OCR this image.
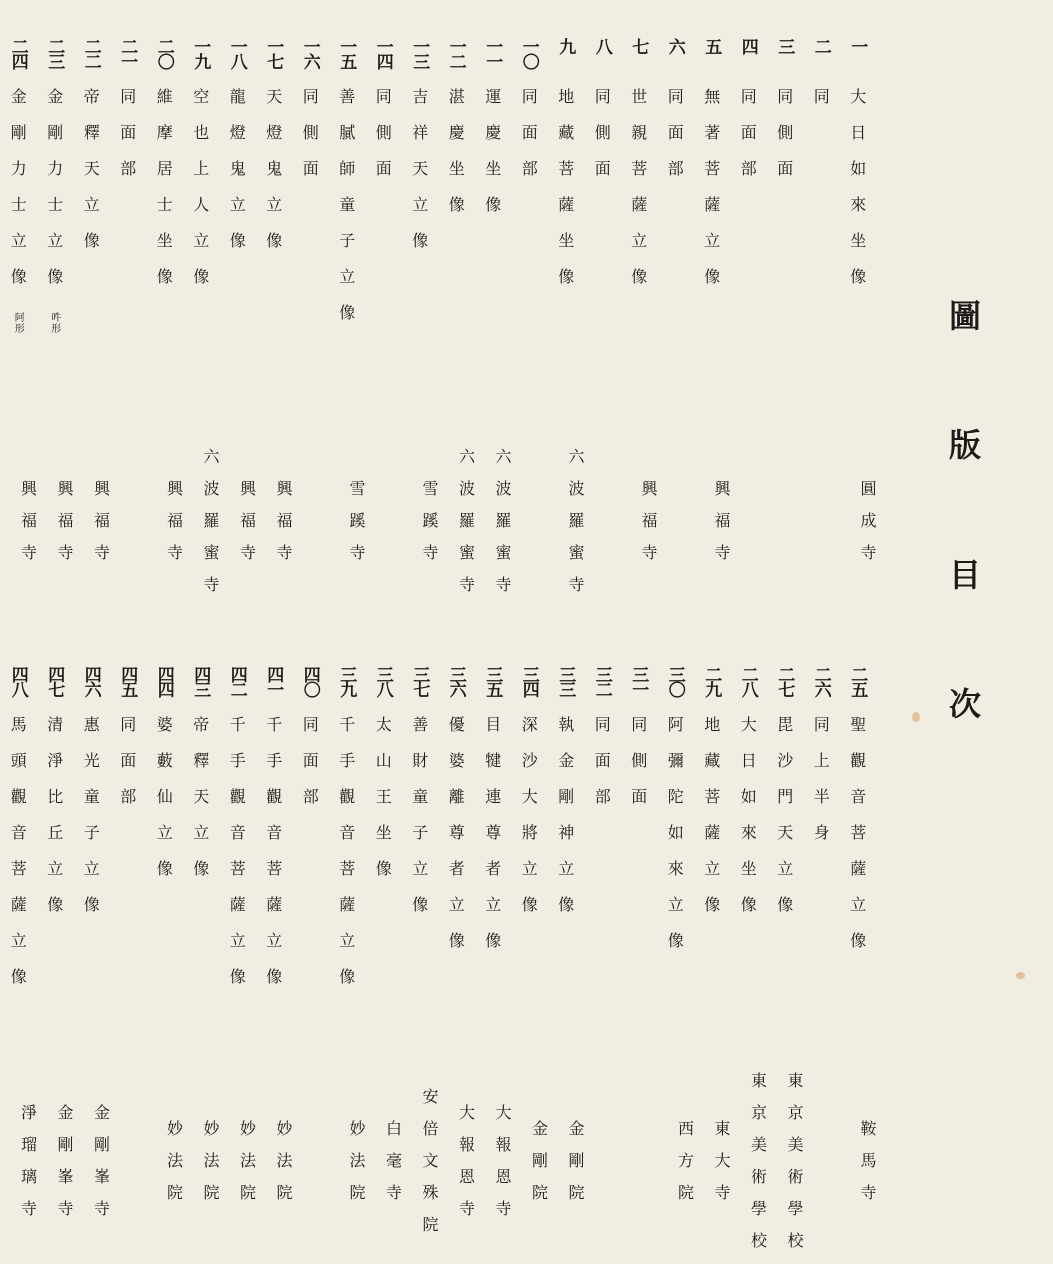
圖
版
目
次
一
大日如來坐像
二
同
三
同側面
四
同面部
五
無著菩薩立像
六
同面部
七
世親菩薩立像
八
同側面
九
地藏菩薩坐像
一〇
同面部
一一
運慶坐像
一二
湛慶坐像
一三
吉祥天立像
一四
同側面
一五
善膩師童子立像
一六
同側面
一七
天燈鬼立像
一八
龍燈鬼立像
一九
空也上人立像
二〇
維摩居士坐像
二一
同面部
二二
帝釋天立像
二三
金剛力士立像
吽形
二四
金剛力士立像
阿形
圓成寺
興福寺
興福寺
六波羅蜜寺
六波羅蜜寺
六波羅蜜寺
雪蹊寺
雪蹊寺
興福寺
興福寺
六波羅蜜寺
興福寺
興福寺
興福寺
興福寺
二五
聖觀音菩薩立像
二六
同上半身
二七
毘沙門天立像
二八
大日如來坐像
二九
地藏菩薩立像
三〇
阿彌陀如來立像
三一
同側面
三二
同面部
三三
執金剛神立像
三四
深沙大將立像
三五
目犍連尊者立像
三六
優婆離尊者立像
三七
善財童子立像
三八
太山王坐像
三九
千手觀音菩薩立像
四〇
同面部
四一
千手觀音菩薩立像
四二
千手觀音菩薩立像
四三
帝釋天立像
四四
婆藪仙立像
四五
同面部
四六
惠光童子立像
四七
清淨比丘立像
四八
馬頭觀音菩薩立像
鞍馬寺
東京美術學校
東京美術學校
東大寺
西方院
金剛院
金剛院
大報恩寺
大報恩寺
安倍文殊院
白毫寺
妙法院
妙法院
妙法院
妙法院
妙法院
金剛峯寺
金剛峯寺
淨瑠璃寺
